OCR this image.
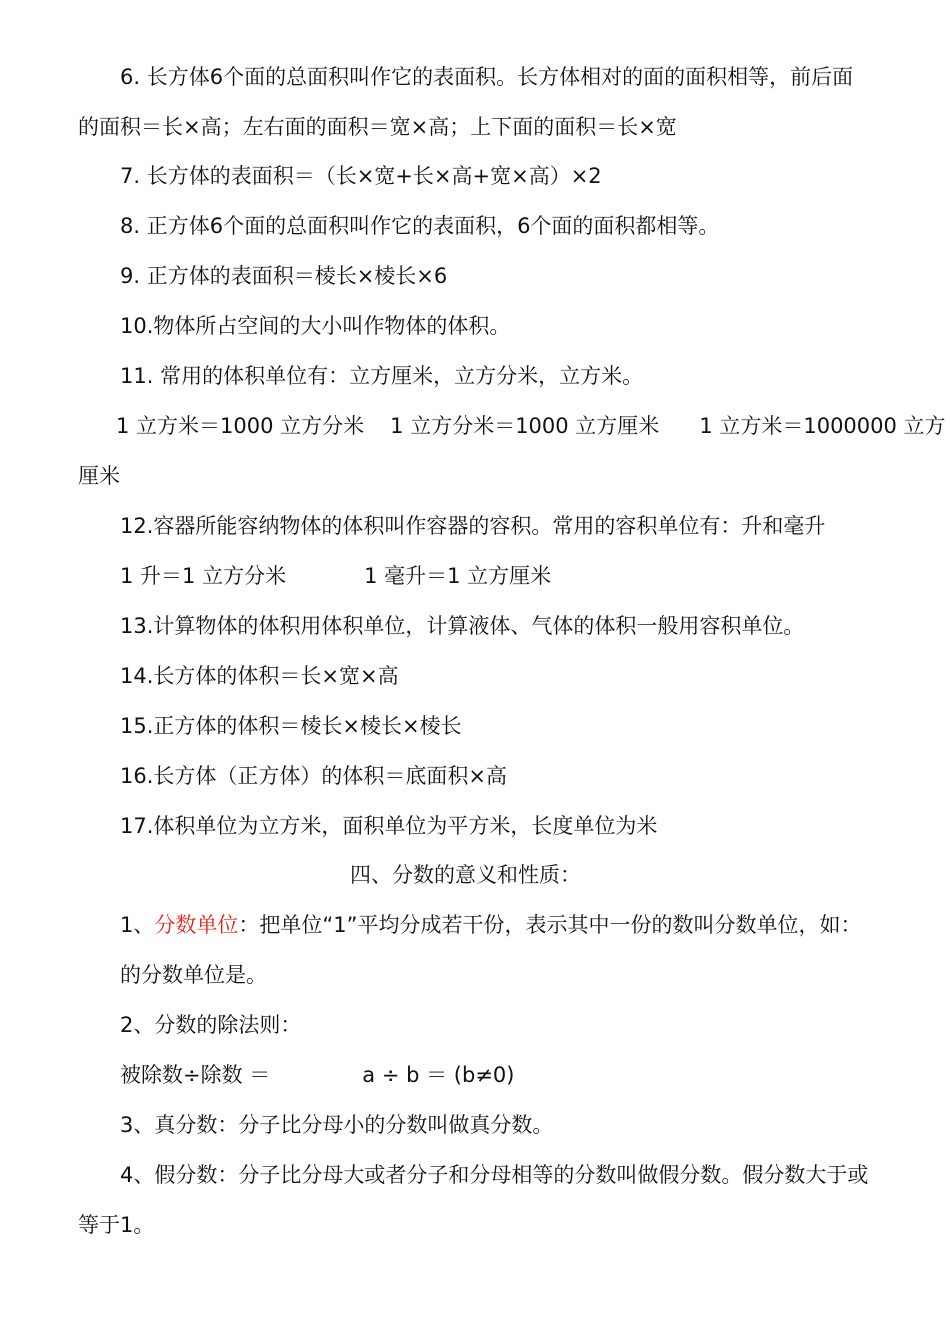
6. 长方体6个面的总面积叫作它的表面积。长方体相对的面的面积相等，前后面
的面积＝长×高；左右面的面积＝宽×高；上下面的面积＝长×宽
7. 长方体的表面积＝（长×宽+长×高+宽×高）×2
8. 正方体6个面的总面积叫作它的表面积，6个面的面积都相等。
9. 正方体的表面积＝棱长×棱长×6
10.物体所占空间的大小叫作物体的体积。
11. 常用的体积单位有：立方厘米，立方分米，立方米。
1 立方米＝1000 立方分米 1 立方分米＝1000 立方厘米 1 立方米＝1000000 立方
厘米
12.容器所能容纳物体的体积叫作容器的容积。常用的容积单位有：升和毫升
1 升＝1 立方分米	1 毫升＝1 立方厘米
13.计算物体的体积用体积单位，计算液体、气体的体积一般用容积单位。
14.长方体的体积＝长×宽×高
15.正方体的体积＝棱长×棱长×棱长
16.长方体（正方体）的体积＝底面积×高
17.体积单位为立方米，面积单位为平方米，长度单位为米
四、分数的意义和性质：
1、分数单位：把单位“1”平均分成若干份，表示其中一份的数叫分数单位，如：
的分数单位是。
2、分数的除法则：
被除数÷除数 ＝	a ÷ b ＝ (b≠0)
3、真分数：分子比分母小的分数叫做真分数。
4、假分数：分子比分母大或者分子和分母相等的分数叫做假分数。假分数大于或
等于1。
